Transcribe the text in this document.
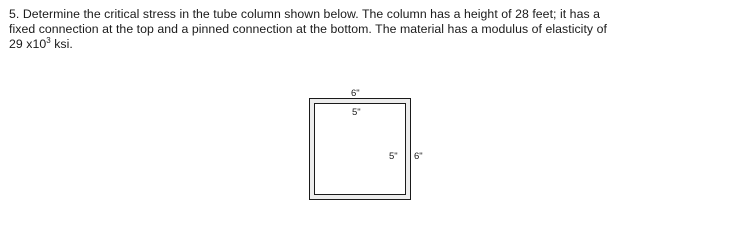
5. Determine the critical stress in the tube column shown below. The column has a height of 28 feet; it has a
fixed connection at the top and a pinned connection at the bottom. The material has a modulus of elasticity of
29 $x10^3$ ksi.
6"
5"
5" 6"
